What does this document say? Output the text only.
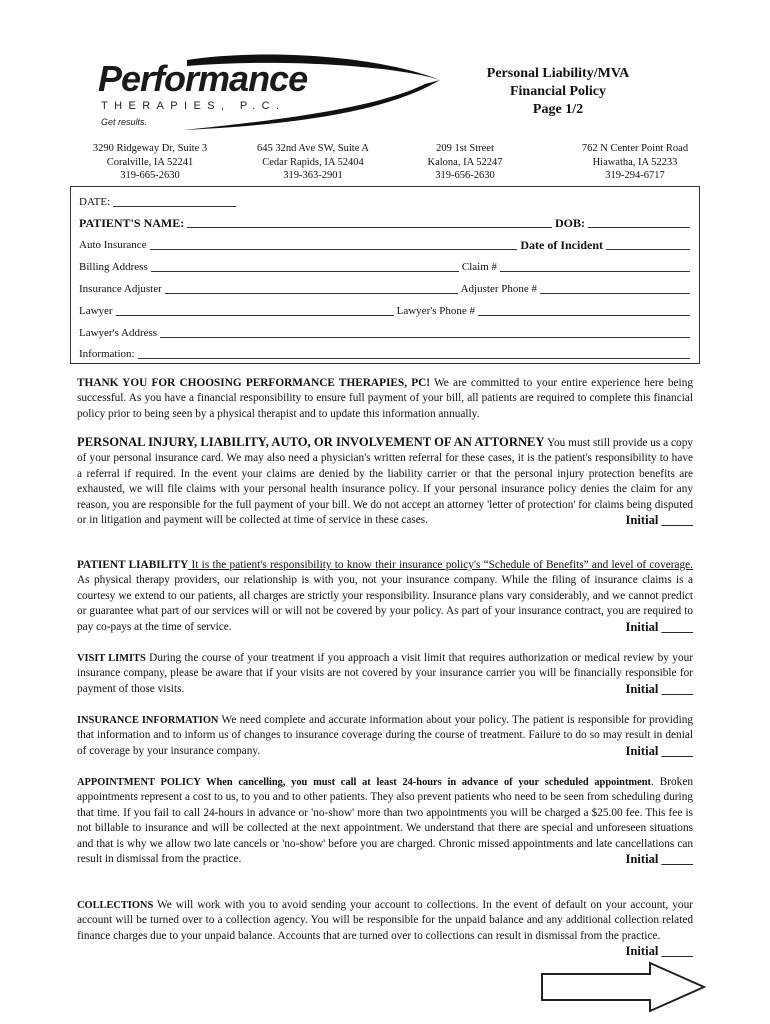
Performance
THERAPIES, P.C.
Get results.
Personal Liability/MVA
Financial Policy
Page 1/2
3290 Ridgeway Dr, Suite 3
Coralville, IA 52241
319-665-2630
645 32nd Ave SW, Suite A
Cedar Rapids, IA 52404
319-363-2901
209 1st Street
Kalona, IA 52247
319-656-2630
762 N Center Point Road
Hiawatha, IA 52233
319-294-6717
DATE:
PATIENT'S NAME:	DOB:
Auto Insurance	Date of Incident
Billing Address	Claim #
Insurance Adjuster	Adjuster Phone #
Lawyer	Lawyer's Phone #
Lawyer's Address
Information:
THANK YOU FOR CHOOSING PERFORMANCE THERAPIES, PC! We are committed to your entire experience here being successful. As you have a financial responsibility to ensure full payment of your bill, all patients are required to complete this financial policy prior to being seen by a physical therapist and to update this information annually.
PERSONAL INJURY, LIABILITY, AUTO, OR INVOLVEMENT OF AN ATTORNEY You must still provide us a copy of your personal insurance card. We may also need a physician's written referral for these cases, it is the patient's responsibility to have a referral if required. In the event your claims are denied by the liability carrier or that the personal injury protection benefits are exhausted, we will file claims with your personal health insurance policy. If your personal insurance policy denies the claim for any reason, you are responsible for the full payment of your bill. We do not accept an attorney 'letter of protection' for claims being disputed or in litigation and payment will be collected at time of service in these cases.	Initial _____
PATIENT LIABILITY It is the patient's responsibility to know their insurance policy's “Schedule of Benefits” and level of coverage. As physical therapy providers, our relationship is with you, not your insurance company. While the filing of insurance claims is a courtesy we extend to our patients, all charges are strictly your responsibility. Insurance plans vary considerably, and we cannot predict or guarantee what part of our services will or will not be covered by your policy. As part of your insurance contract, you are required to pay co-pays at the time of service.	Initial _____
VISIT LIMITS During the course of your treatment if you approach a visit limit that requires authorization or medical review by your insurance company, please be aware that if your visits are not covered by your insurance carrier you will be financially responsible for payment of those visits.	Initial _____
INSURANCE INFORMATION We need complete and accurate information about your policy. The patient is responsible for providing that information and to inform us of changes to insurance coverage during the course of treatment. Failure to do so may result in denial of coverage by your insurance company.	Initial _____
APPOINTMENT POLICY When cancelling, you must call at least 24-hours in advance of your scheduled appointment. Broken appointments represent a cost to us, to you and to other patients. They also prevent patients who need to be seen from scheduling during that time. If you fail to call 24-hours in advance or 'no-show' more than two appointments you will be charged a $25.00 fee. This fee is not billable to insurance and will be collected at the next appointment. We understand that there are special and unforeseen situations and that is why we allow two late cancels or 'no-show' before you are charged. Chronic missed appointments and late cancellations can result in dismissal from the practice.	Initial _____
COLLECTIONS We will work with you to avoid sending your account to collections. In the event of default on your account, your account will be turned over to a collection agency. You will be responsible for the unpaid balance and any additional collection related finance charges due to your unpaid balance. Accounts that are turned over to collections can result in dismissal from the practice.
Initial _____
